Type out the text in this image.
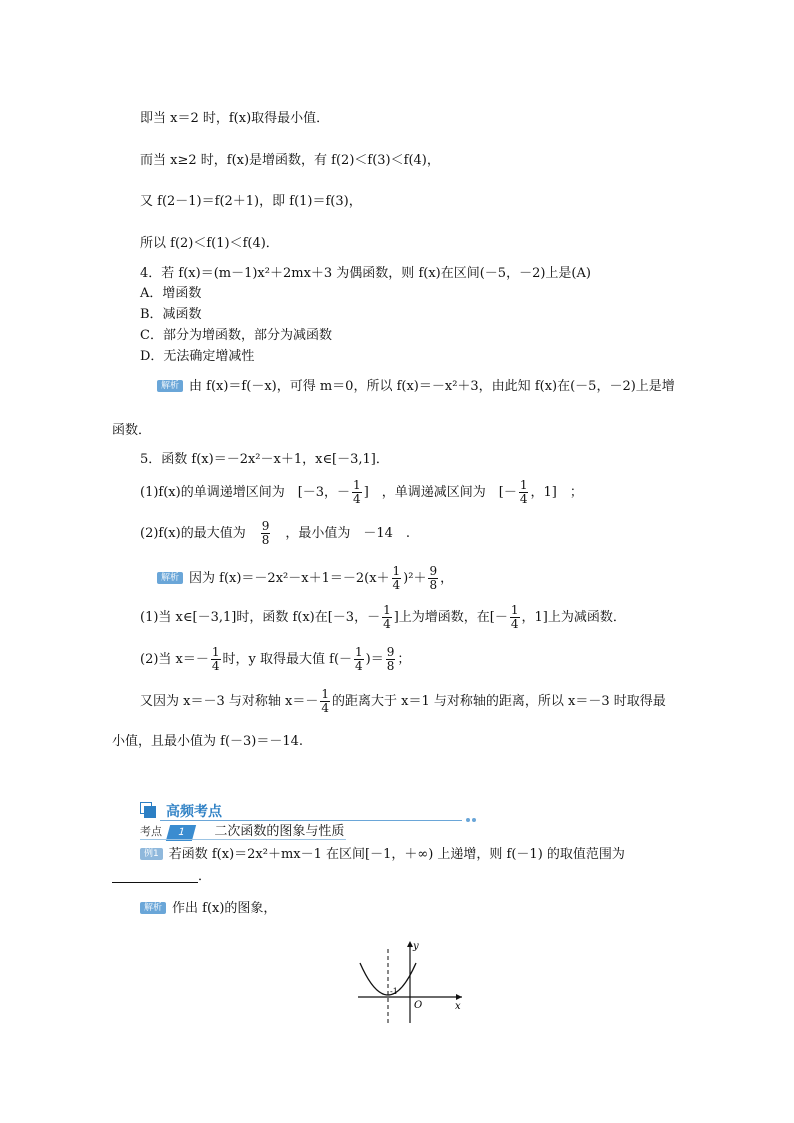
即当 x＝2 时，f(x)取得最小值．
而当 x≥2 时，f(x)是增函数，有 f(2)＜f(3)＜f(4)，
又 f(2－1)＝f(2＋1)，即 f(1)＝f(3)，
所以 f(2)＜f(1)＜f(4)．
4．若 f(x)＝(m－1)x²＋2mx＋3 为偶函数，则 f(x)在区间(－5，－2)上是(A)
A．增函数
B．减函数
C．部分为增函数，部分为减函数
D．无法确定增减性
解析 由 f(x)＝f(－x)，可得 m＝0，所以 f(x)＝－x²＋3，由此知 f(x)在(－5，－2)上是增
函数．
5．函数 f(x)＝－2x²－x＋1，x∈[－3,1]．
(1)f(x)的单调递增区间为　[－3，－ $\frac{1}{4}$ ]　，单调递减区间为　[－ $\frac{1}{4}$ ，1]　；
(2)f(x)的最大值为　 $\frac{9}{8}$ 　，最小值为　－14　.
解析 因为 $f(x)=-2x^2-x+1=-2(x+ \frac{1}{4} )^2+ \frac{9}{8}$ ，
(1)当 x∈[－3,1]时，函数 f(x)在[－3，－ $\frac{1}{4}$ ]上为增函数，在[－ $\frac{1}{4}$ ，1]上为减函数．
(2)当 $x=- \frac{1}{4}$ 时，y 取得最大值 $f(- \frac{1}{4}$ )＝ $\frac{9}{8}$ ；
又因为 x＝－3 与对称轴 $x=- \frac{1}{4}$ 的距离大于 x＝1 与对称轴的距离，所以 x＝－3 时取得最
小值，且最小值为 f(－3)＝－14.
高频考点
考点 1 二次函数的图象与性质
例1 若函数 f(x)＝2x²＋mx－1 在区间[－1，＋∞) 上递增，则 f(－1) 的取值范围为
．
解析 作出 f(x)的图象，
y
x
O
-1
